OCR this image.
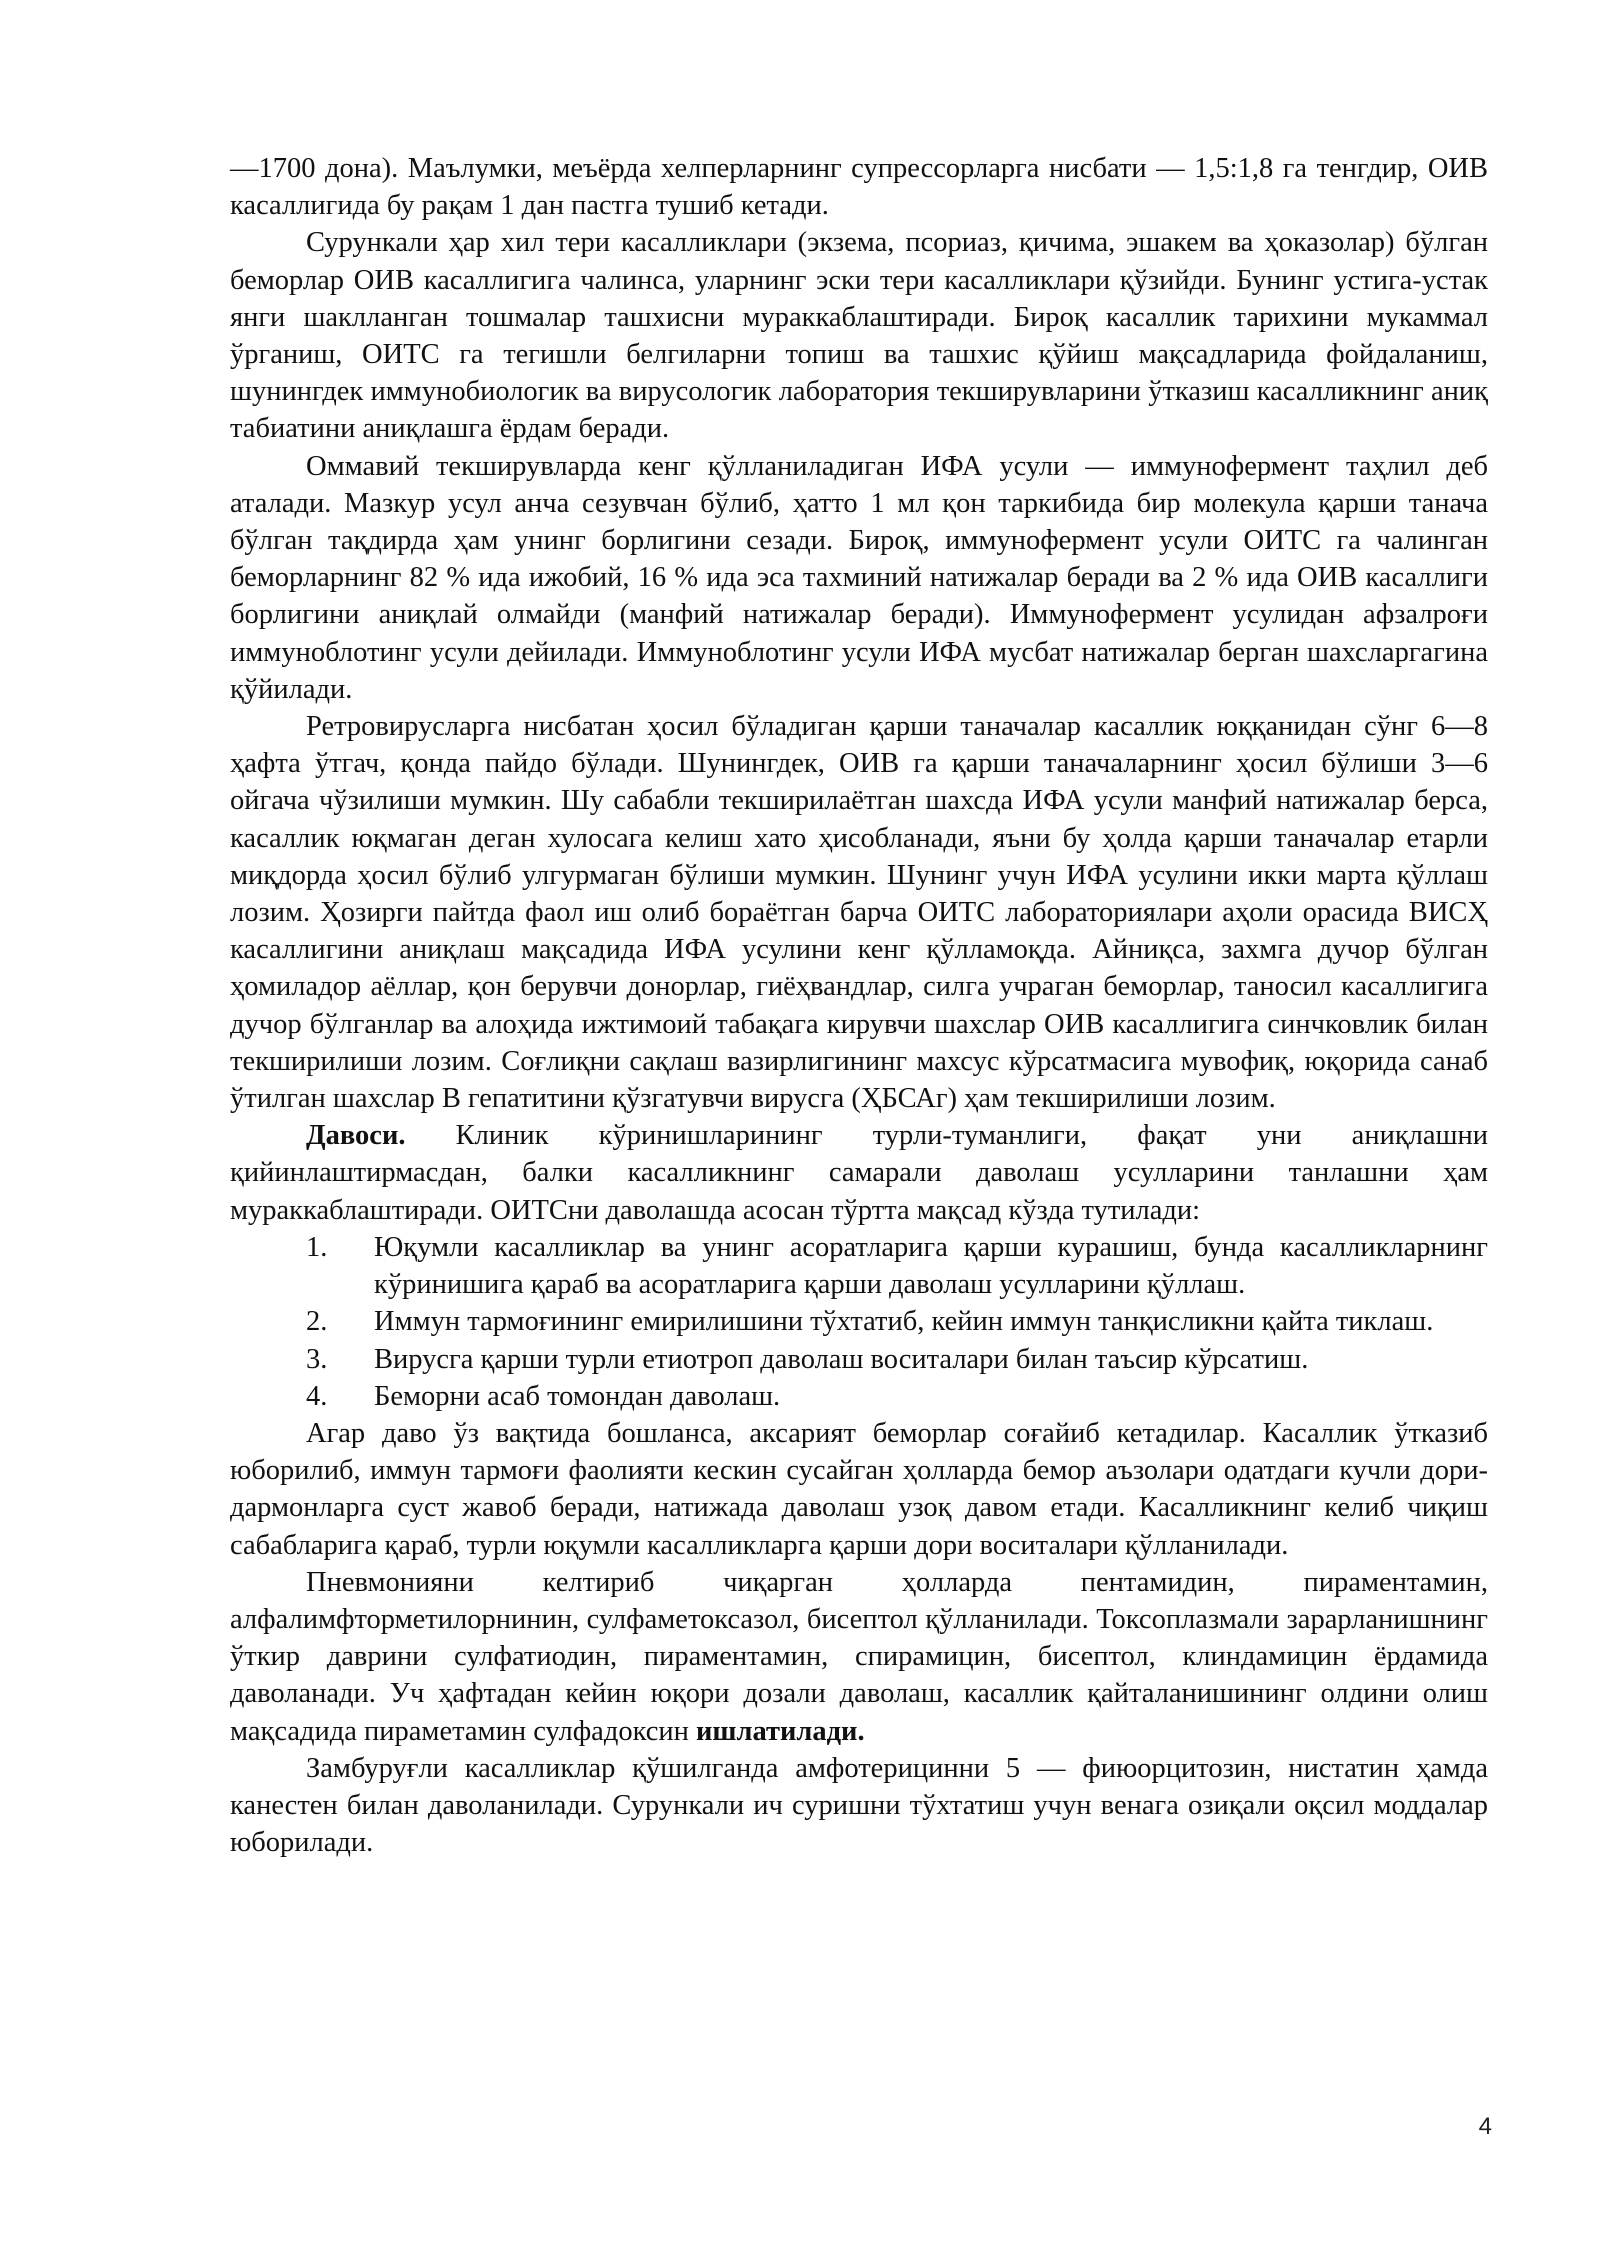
—1700 дона). Маълумки, меъёрда хелперларнинг супрессорларга нисбати — 1,5:1,8 га тенгдир, ОИВ касаллигида бу рақам 1 дан пастга тушиб кетади.

Сурункали ҳар хил тери касалликлари (экзема, псориаз, қичима, эшакем ва ҳоказолар) бўлган беморлар ОИВ касаллигига чалинса, уларнинг эски тери касалликлари қўзийди. Бунинг устига-устак янги шаклланган тошмалар ташхисни мураккаблаштиради. Бироқ касаллик тарихини мукаммал ўрганиш, ОИТС га тегишли белгиларни топиш ва ташхис қўйиш мақсадларида фойдаланиш, шунингдек иммунобиологик ва вирусологик лаборатория текширувларини ўтказиш касалликнинг аниқ табиатини аниқлашга ёрдам беради.

Оммавий текширувларда кенг қўлланиладиган ИФА усули — иммунофермент таҳлил деб аталади. Мазкур усул анча сезувчан бўлиб, ҳатто 1 мл қон таркибида бир молекула қарши танача бўлган тақдирда ҳам унинг борлигини сезади. Бироқ, иммунофермент усули ОИТС га чалинган беморларнинг 82 % ида ижобий, 16 % ида эса тахминий натижалар беради ва 2 % ида ОИВ касаллиги борлигини аниқлай олмайди (манфий натижалар беради). Иммунофермент усулидан афзалроғи иммуноблотинг усули дейилади. Иммуноблотинг усули ИФА мусбат натижалар берган шахсларгагина қўйилади.

Ретровирусларга нисбатан ҳосил бўладиган қарши таначалар касаллик юққанидан сўнг 6—8 ҳафта ўтгач, қонда пайдо бўлади. Шунингдек, ОИВ га қарши таначаларнинг ҳосил бўлиши 3—6 ойгача чўзилиши мумкин. Шу сабабли текширилаётган шахсда ИФА усули манфий натижалар берса, касаллик юқмаган деган хулосага келиш хато ҳисобланади, яъни бу ҳолда қарши таначалар етарли миқдорда ҳосил бўлиб улгурмаган бўлиши мумкин. Шунинг учун ИФА усулини икки марта қўллаш лозим. Ҳозирги пайтда фаол иш олиб бораётган барча ОИТС лабораториялари аҳоли орасида ВИСҲ касаллигини аниқлаш мақсадида ИФА усулини кенг қўлламоқда. Айниқса, захмга дучор бўлган ҳомиладор аёллар, қон берувчи донорлар, гиёҳвандлар, силга учраган беморлар, таносил касаллигига дучор бўлганлар ва алоҳида ижтимоий табақага кирувчи шахслар ОИВ касаллигига синчковлик билан текширилиши лозим. Соғлиқни сақлаш вазирлигининг махсус кўрсатмасига мувофиқ, юқорида санаб ўтилган шахслар В гепатитини қўзгатувчи вирусга (ҲБСАг) ҳам текширилиши лозим.

Давоси. Клиник кўринишларининг турли-туманлиги, фақат уни аниқлашни қийинлаштирмасдан, балки касалликнинг самарали даволаш усулларини танлашни ҳам мураккаблаштиради. ОИТСни даволашда асосан тўртта мақсад кўзда тутилади:

1. Юқумли касалликлар ва унинг асоратларига қарши курашиш, бунда касалликларнинг кўринишига қараб ва асоратларига қарши даволаш усулларини қўллаш.
2. Иммун тармоғининг емирилишини тўхтатиб, кейин иммун танқисликни қайта тиклаш.
3. Вирусга қарши турли етиотроп даволаш воситалари билан таъсир кўрсатиш.
4. Беморни асаб томондан даволаш.

Агар даво ўз вақтида бошланса, аксарият беморлар соғайиб кетадилар. Касаллик ўтказиб юборилиб, иммун тармоғи фаолияти кескин сусайган ҳолларда бемор аъзолари одатдаги кучли дори-дармонларга суст жавоб беради, натижада даволаш узоқ давом етади. Касалликнинг келиб чиқиш сабабларига қараб, турли юқумли касалликларга қарши дори воситалари қўлланилади.

Пневмонияни келтириб чиқарган ҳолларда пентамидин, пираментамин, алфалимфторметилорнинин, сулфаметоксазол, бисептол қўлланилади. Токсоплазмали зарарланишнинг ўткир даврини сулфатиодин, пираментамин, спирамицин, бисептол, клиндамицин ёрдамида даволанади. Уч ҳафтадан кейин юқори дозали даволаш, касаллик қайталанишининг олдини олиш мақсадида пираметамин сулфадоксин ишлатилади.

Замбуруғли касалликлар қўшилганда амфотерицинни 5 — фиюорцитозин, нистатин ҳамда канестен билан даволанилади. Сурункали ич суришни тўхтатиш учун венага озиқали оқсил моддалар юборилади.

4
